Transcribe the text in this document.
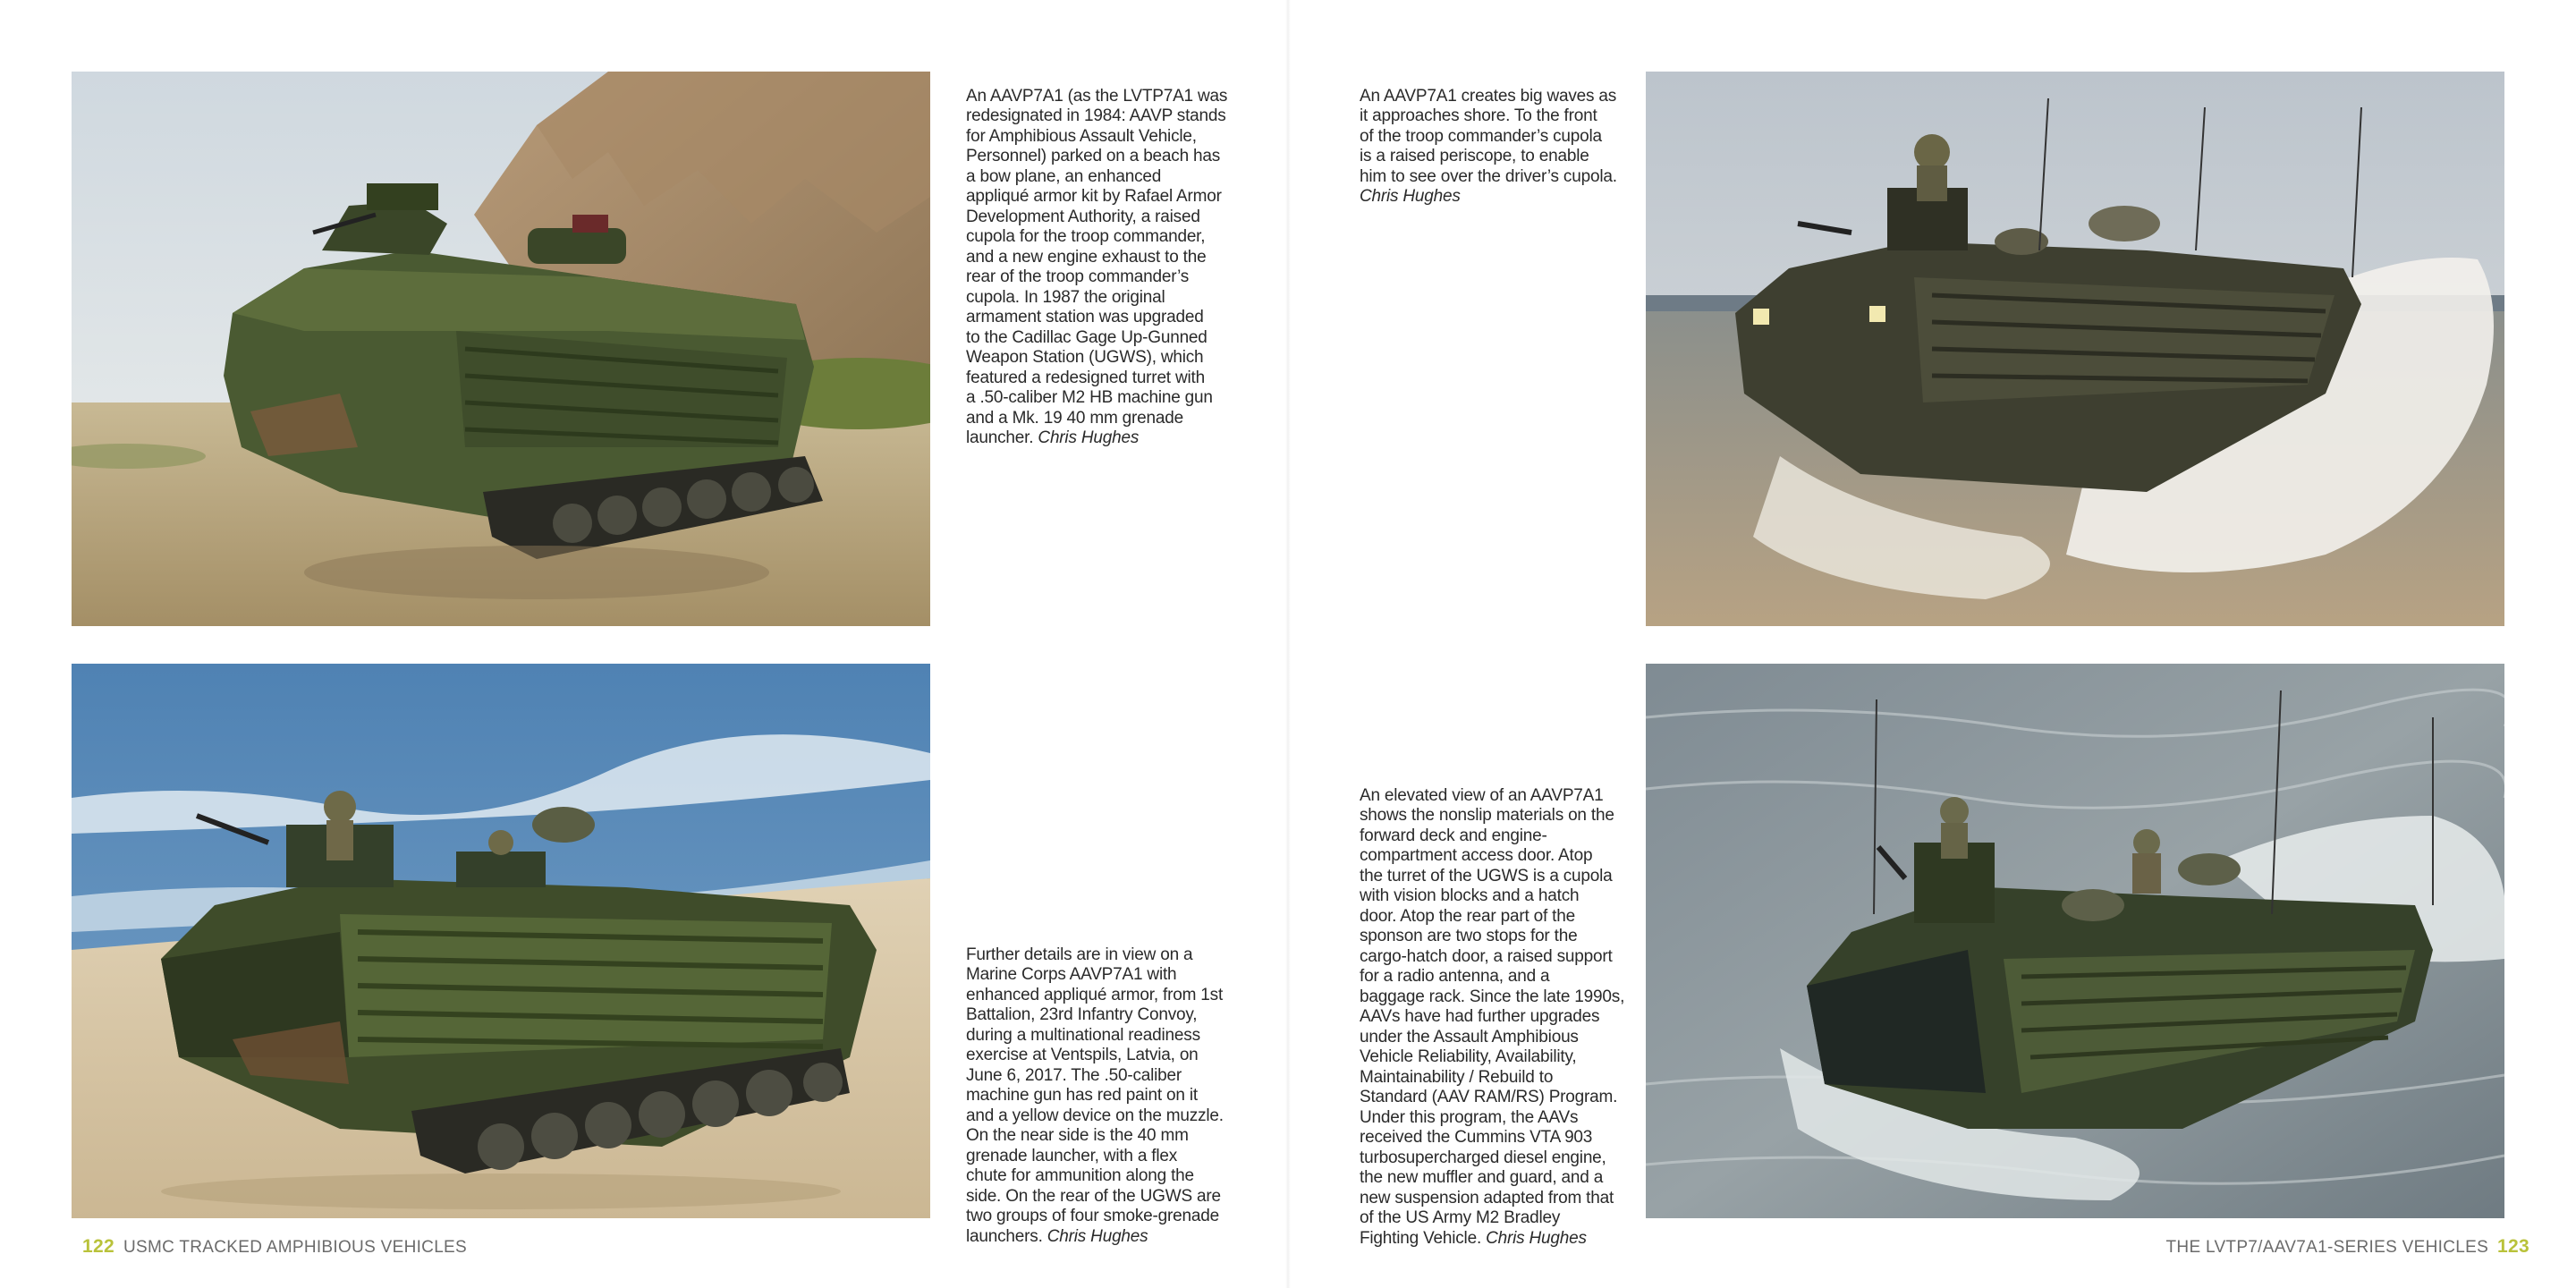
An AAVP7A1 (as the LVTP7A1 was
redesignated in 1984: AAVP stands
for Amphibious Assault Vehicle,
Personnel) parked on a beach has
a bow plane, an enhanced
appliqué armor kit by Rafael Armor
Development Authority, a raised
cupola for the troop commander,
and a new engine exhaust to the
rear of the troop commander’s
cupola. In 1987 the original
armament station was upgraded
to the Cadillac Gage Up-Gunned
Weapon Station (UGWS), which
featured a redesigned turret with
a .50-caliber M2 HB machine gun
and a Mk. 19 40 mm grenade
launcher. Chris Hughes

Further details are in view on a
Marine Corps AAVP7A1 with
enhanced appliqué armor, from 1st
Battalion, 23rd Infantry Convoy,
during a multinational readiness
exercise at Ventspils, Latvia, on
June 6, 2017. The .50-caliber
machine gun has red paint on it
and a yellow device on the muzzle.
On the near side is the 40 mm
grenade launcher, with a flex
chute for ammunition along the
side. On the rear of the UGWS are
two groups of four smoke-grenade
launchers. Chris Hughes

122 USMC TRACKED AMPHIBIOUS VEHICLES

An AAVP7A1 creates big waves as
it approaches shore. To the front
of the troop commander’s cupola
is a raised periscope, to enable
him to see over the driver’s cupola.
Chris Hughes

An elevated view of an AAVP7A1
shows the nonslip materials on the
forward deck and engine-
compartment access door. Atop
the turret of the UGWS is a cupola
with vision blocks and a hatch
door. Atop the rear part of the
sponson are two stops for the
cargo-hatch door, a raised support
for a radio antenna, and a
baggage rack. Since the late 1990s,
AAVs have had further upgrades
under the Assault Amphibious
Vehicle Reliability, Availability,
Maintainability / Rebuild to
Standard (AAV RAM/RS) Program.
Under this program, the AAVs
received the Cummins VTA 903
turbosupercharged diesel engine,
the new muffler and guard, and a
new suspension adapted from that
of the US Army M2 Bradley
Fighting Vehicle. Chris Hughes	THE LVTP7/AAV7A1-SERIES VEHICLES 123
